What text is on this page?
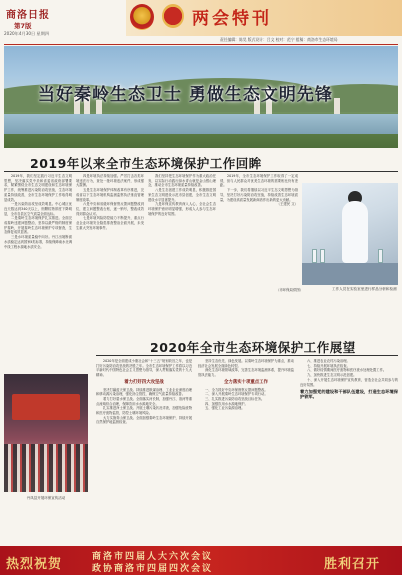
商洛日报
第7版
2020年4月30日 星期四
两会特刊
责任编辑：陈昊 版式设计：吕文 校对：范宁 组稿：商洛市生态环境局
当好秦岭生态卫士 勇做生态文明先锋
2019年以来全市生态环境保护工作回眸

2019年，我们坚定践行习近平生态文明思想，坚决落实党中央和省委省政府部署要求，紧紧围绕全市生态文明建设和生态环境保护工作，统筹推进污染防治攻坚战，生态环境质量持续改善，全市生态环境保护工作取得明显成效。

一是污染防治攻坚成效明显。中心城区优良天数达到340天以上，细颗粒物浓度下降明显，全市各县区空气质量全面达标。

二是秦岭生态环境保护扎实推进。全面完成秦岭违建问题整治，坚持以最严格的制度保护秦岭，开展秦岭生态环境保护专项督查，生态修复成效显著。

三是水环境质量稳中向好。丹江出境断面水质稳定达到国家Ⅱ类标准，持续保障南水北调中线工程水源地水质安全。

四是环境执法持续加强。严厉打击各类环境违法行为，查处一批环境违法案件，形成强大震慑。

五是生态环境保护体制改革有序推进，完成省以下生态环境机构监测监察执法垂直管理制度改革。

六是中央和省级环保督察反馈问题整改到位，建立问题整改台账，逐一销号，整改成效得到群众认可。

七是环境风险防控能力不断提升，重点行业企业环境安全隐患排查整治全面开展，未发生重大突发环境事件。

我们坚持把生态环境保护作为重大政治任务，以实际行动践行绿水青山就是金山银山理念，推动全市生态环境质量持续改善。

八是生态创建工作成效明显，积极推进国家生态文明建设示范市县创建，全市生态文明建设水平显著提升。

九是环保宣传教育深入人心，全社会生态环境保护意识明显增强，形成人人参与生态环境保护的良好氛围。

2019年，全市生态环境保护工作取得了一定成绩，但与人民群众对优美生态环境的需要相比仍有差距。

下一步，我们将继续以习近平生态文明思想为指导，坚决打好污染防治攻坚战，持续改善生态环境质量，为建设高质量发展新商洛作出新的更大贡献。

（王建民 文）

（市环保局供图）	工作人员在实验室里进行样品分析和检测
2020年全市生态环境保护工作展望
丹凤县开展环保宣传活动

2020年是全面建成小康社会和“十三五”规划收官之年，也是打好污染防治攻坚战的决胜之年。全市生态环境保护工作将以习近平新时代中国特色社会主义思想为指导，深入贯彻落实党的十九大精神。

着力打好四大攻坚战

坚决打赢蓝天保卫战。持续推进散煤治理、工业企业深度治理和移动源污染治理，强化扬尘管控，确保空气质量持续改善。

着力打好碧水保卫战。全面落实河长制，加强丹江、洛河等重点流域综合治理，保障饮用水水源地安全。

扎实推进净土保卫战。开展土壤污染状况详查，加强危险废物和医疗废物监管，防控土壤环境风险。

大力实施青山保卫战。全面加强秦岭生态环境保护，持续开展自然保护地监督检查。

坚持生态优先、绿色发展。以秦岭生态环境保护为重点，推动经济社会发展全面绿色转型。

深化生态环境领域改革，完善生态环境监测体系，提升环境监管执法能力。

全力落实十项重点工作

一、全力抓好中央环保督察反馈问题整改。

二、深入开展秦岭生态环境保护专项行动。

三、扎实推进污染防治攻坚战目标任务。

四、加强饮用水水源地保护。

五、强化工业污染源治理。

六、推进农业农村污染治理。

七、持续开展环境执法检查。

八、做好疫情期间医疗废物和医疗废水处理处置工作。

九、加快推进生态文明示范创建。

十、深入开展生态环境保护宣传教育，营造全社会共同参与的良好氛围。

着力加强党的建设和干部队伍建设，打造生态环境保护铁军。

热烈祝贺	商洛市四届人大六次会议
政协商洛市四届四次会议	胜利召开
